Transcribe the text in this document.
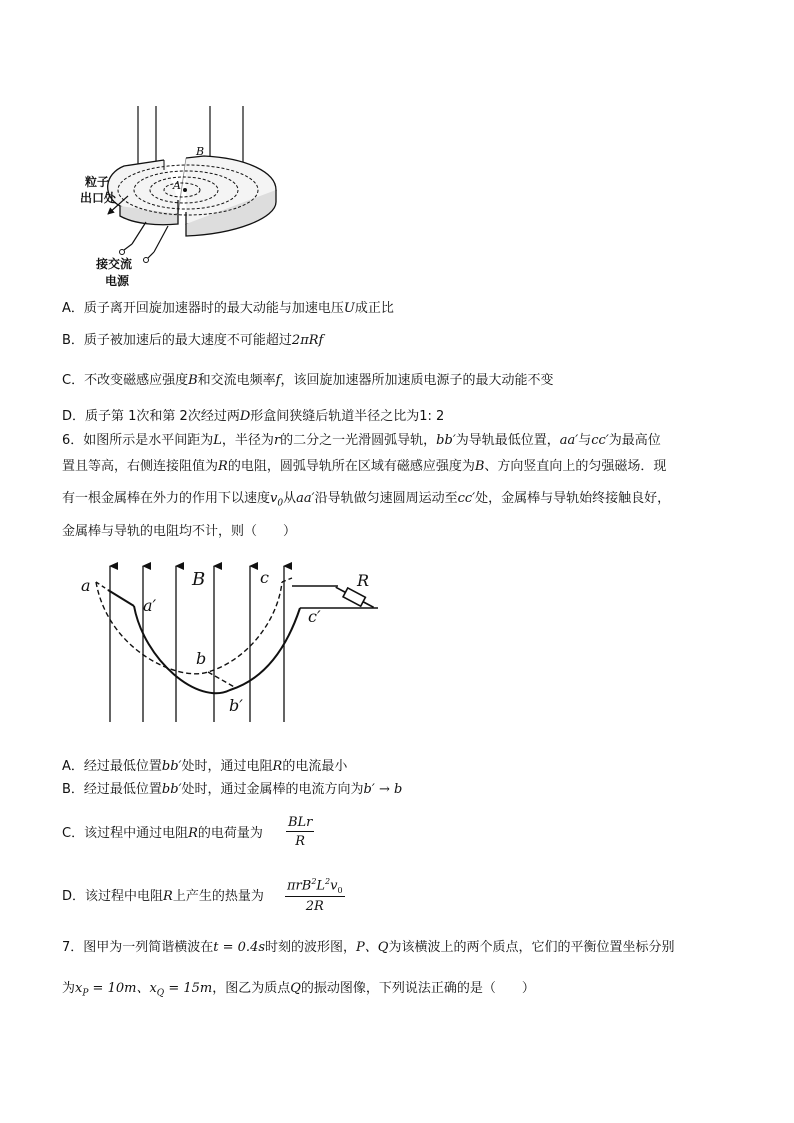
B
A
粒子
出口处
接交流
电源
A．质子离开回旋加速器时的最大动能与加速电压U成正比
B．质子被加速后的最大速度不可能超过2πRf
C．不改变磁感应强度B和交流电频率f，该回旋加速器所加速质电源子的最大动能不变
D．质子第 1次和第 2次经过两D形盒间狭缝后轨道半径之比为1: 2
6．如图所示是水平间距为L，半径为r的二分之一光滑圆弧导轨，bb′为导轨最低位置，aa′与cc′为最高位
置且等高，右侧连接阻值为R的电阻，圆弧导轨所在区域有磁感应强度为B、方向竖直向上的匀强磁场．现
有一根金属棒在外力的作用下以速度$v_0$从aa′沿导轨做匀速圆周运动至cc′处，金属棒与导轨始终接触良好，
金属棒与导轨的电阻均不计，则（　　）
a
a′
B	c
c′
R
b
b′
A．经过最低位置bb′处时，通过电阻R的电流最小
B．经过最低位置bb′处时，通过金属棒的电流方向为b′ → b
C．该过程中通过电阻R的电荷量为
BLr
R
D．该过程中电阻R上产生的热量为
$\pi rB^2L^2v_0$
2R
7．图甲为一列简谐横波在t = 0.4s时刻的波形图，P、Q为该横波上的两个质点，它们的平衡位置坐标分别
为$x_P = 10m$、$x_Q = 15m$，图乙为质点Q的振动图像，下列说法正确的是（　　）
